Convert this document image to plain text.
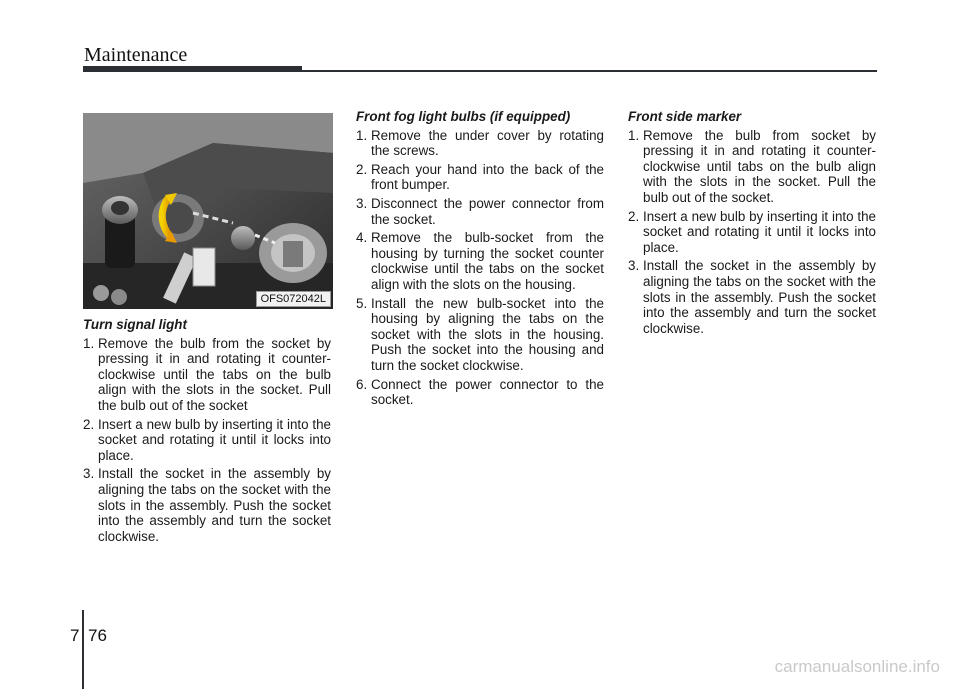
Maintenance
OFS072042L
Turn signal light
1. Remove the bulb from the socket by pressing it in and rotating it counter-clockwise until the tabs on the bulb align with the slots in the socket. Pull the bulb out of the socket
2. Insert a new bulb by inserting it into the socket and rotating it until it locks into place.
3. Install the socket in the assembly by aligning the tabs on the socket with the slots in the assembly. Push the socket into the assembly and turn the socket clockwise.
Front fog light bulbs (if equipped)
1. Remove the under cover by rotating the screws.
2. Reach your hand into the back of the front bumper.
3. Disconnect the power connector from the socket.
4. Remove the bulb-socket from the housing by turning the socket counter clockwise until the tabs on the socket align with the slots on the housing.
5. Install the new bulb-socket into the housing by aligning the tabs on the socket with the slots in the housing. Push the socket into the housing and turn the socket clockwise.
6. Connect the power connector to the socket.
Front side marker
1. Remove the bulb from socket by pressing it in and rotating it counter-clockwise until tabs on the bulb align with the slots in the socket. Pull the bulb out of the socket.
2. Insert a new bulb by inserting it into the socket and rotating it until it locks into place.
3. Install the socket in the assembly by aligning the tabs on the socket with the slots in the assembly. Push the socket into the assembly and turn the socket clockwise.
7 76
carmanualsonline.info
